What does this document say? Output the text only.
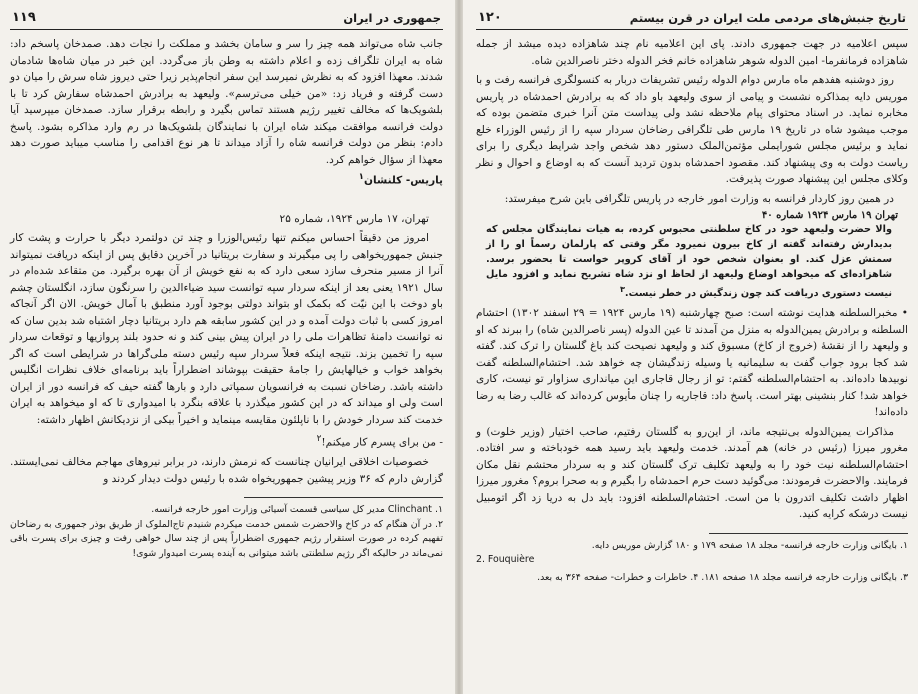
جمهوری در ایران
۱۱۹

جانب شاه می‌تواند همه چیز را سر و سامان بخشد و مملکت را نجات دهد. صمدخان پاسخم داد: شاه به ایران تلگراف زده و اعلام داشته به وطن باز می‌گردد. این خبر در میان شاه‌ها شادمان شدند. معهذا افزود که به نظرش نمیرسد این سفر انجام‌پذیر زیرا حتی دیروز شاه سرش را میان دو دست گرفته و فریاد زد: «من خیلی می‌ترسم». ولیعهد به برادرش احمدشاه سفارش کرد تا با بلشویک‌ها که مخالف تغییر رژیم هستند تماس بگیرد و رابطه برقرار سازد. صمدخان میپرسید آیا دولت فرانسه موافقت میکند شاه ایران با نمایندگان بلشویک‌ها در رم وارد مذاکره بشود. پاسخ دادم: بنظر من دولت فرانسه شاه را آزاد میداند تا هر نوع اقدامی را مناسب میباید صورت دهد معهذا از سؤال خواهم کرد.

پاریس- کلنشان$^۱$

تهران، ۱۷ مارس ۱۹۲۴، شماره ۲۵

امروز من دقیقاً احساس میکنم تنها رئیس‌الوزرا و چند تن دولتمرد دیگر با حرارت و پشت کار جنبش جمهوریخواهی را پی میگیرند و سفارت بریتانیا در آخرین دقایق پس از اینکه دریافت نمیتواند آنرا از مسیر منحرف سازد سعی دارد که به نفع خویش از آن بهره برگیرد. من متقاعد شده‌ام در سال ۱۹۲۱ یعنی بعد از اینکه سردار سپه توانست سید ضیاءالدین را سرنگون سازد، انگلستان چشم باو دوخت با این نیّت که بکمک او بتواند دولتی بوجود آورد منطبق با آمال خویش. الان اگر آنجاکه امروز کسی با ثبات دولت آمده و در این کشور سابقه هم دارد بریتانیا دچار اشتباه شد بدین سان که نه توانست دامنهٔ تظاهرات ملی را در ایران پیش بینی کند و نه حدود بلند پروازیها و توقعات سردار سپه را تخمین بزند. نتیجه اینکه فعلاً سردار سپه رئیس دسته ملی‌گراها در شرایطی است که اگر بخواهد خواب و خیالهایش را جامهٔ حقیقت بپوشاند اضطراراً باید برنامه‌ای خلاف نظرات انگلیس داشته باشد. رضاخان نسبت به فرانسویان سمپاتی دارد و بارها گفته حیف که فرانسه دور از ایران است ولی او میداند که در این کشور میگذرد با علاقه بنگرد با امیدواری تا که او میخواهد به ایران خدمت کند سردار خودش را با ناپلئون مقایسه مینماید و اخیراً بیکی از نزدیکانش اظهار داشته:

- من برای پسرم کار میکنم!$^۲$

خصوصیات اخلاقی ایرانیان چنانست که نرمش دارند، در برابر نیروهای مهاجم مخالف نمی‌ایستند. گزارش دارم که ۳۶ وزیر پیشین جمهوریخواه شده با رئیس دولت دیدار کردند و

۱. Clinchant مدیر کل سیاسی قسمت آسیائی وزارت امور خارجه فرانسه.

۲. در آن هنگام که در کاخ والاحضرت شمس خدمت میکردم شنیدم تاج‌الملوک از طریق بوذر جمهوری به رضاخان تفهیم کرده در صورت استقرار رژیم جمهوری اضطراراً پس از چند سال خواهی رفت و چیزی برای پسرت باقی نمی‌ماند در حالیکه اگر رژیم سلطنتی باشد میتوانی به آینده پسرت امیدوار شوی!

تاریخ جنبش‌های مردمی ملت ایران در قرن بیستم
۱۲۰

سپس اعلامیه در جهت جمهوری دادند. پای این اعلامیه نام چند شاهزاده دیده میشد از جمله شاهزاده فرمانفرما- امین الدوله شوهر شاهزاده خانم فخر الدوله دختر ناصرالدین شاه.

روز دوشنبه هفدهم ماه مارس دوام الدوله رئیس تشریفات دربار به کنسولگری فرانسه رفت و با موریس دایه بمذاکره نشست و پیامی از سوی ولیعهد باو داد که به برادرش احمدشاه در پاریس مخابره نماید. در اسناد محتوای پیام ملاحظه نشد ولی پیداست متن آنرا خبری متضمن بوده که موجب میشود شاه در تاریخ ۱۹ مارس طی تلگرافی رضاخان سردار سپه را از رئیس الوزراء خلع نماید و برئیس مجلس شورایملی مؤتمن‌الملک دستور دهد شخص واجد شرایط دیگری را برای ریاست دولت به وی پیشنهاد کند. مقصود احمدشاه بدون تردید آنست که به اوضاع و احوال و نظر وکلای مجلس این پیشنهاد صورت پذیرفت.

در همین روز کاردار فرانسه به وزارت امور خارجه در پاریس تلگرافی باین شرح میفرستد:

تهران ۱۹ مارس ۱۹۲۴ شماره ۴۰

والا حضرت ولیعهد خود در کاخ سلطنتی محبوس کرده، به هیات نمایندگان مجلس که بدیدارش رفته‌اند گفته از کاخ بیرون نمیرود مگر وقتی که پارلمان رسماً او را از سمتش عزل کند. او بعنوان شخص خود از آقای کروپر خواست تا بحضور برسد. شاهزاده‌ای که میخواهد اوضاع ولیعهد از لحاظ او نزد شاه تشریح نماید و افزود مایل نیست دستوری دریافت کند چون زندگیش در خطر نیست.$^۳$

• مخبرالسلطنه هدایت نوشته است: صبح چهارشنبه (۱۹ مارس ۱۹۲۴ = ۲۹ اسفند ۱۳۰۲) احتشام السلطنه و برادرش یمین‌الدوله به منزل من آمدند تا عین الدوله (پسر ناصرالدین شاه) را ببرند که او و ولیعهد را از نقشهٔ (خروج از کاخ) مسبوق کند و ولیعهد نصیحت کند باغ گلستان را ترک کند. گفته شد کجا برود جواب گفت به سلیمانیه یا وسیله زندگیشان چه خواهد شد. احتشام‌السلطنه گفت نوبیدها داده‌اند. به احتشام‌السلطنه گفتم: تو از رجال قاجاری این میانداری سزاوار تو نیست، کاری خواهد شد! کنار بنشینی بهتر است. پاسخ داد: قاجاریه را چنان مأیوس کرده‌اند که غالب رضا به رضا داده‌اند!

مذاکرات یمین‌الدوله بی‌نتیجه ماند، از این‌رو به گلستان رفتیم، صاحب اختیار (وزیر خلوت) و مغرور میرزا (رئیس در خانه) هم آمدند. خدمت ولیعهد باید رسید همه خودباخته و سر افتاده. احتشام‌السلطنه نیت خود را به ولیعهد تکلیف ترک گلستان کند و به سردار محتشم نقل مکان فرمایند. والاحضرت فرمودند: می‌گوئید دست حرم احمدشاه را بگیرم و به صحرا بروم؟ مغرور میرزا اظهار داشت تکلیف اتدرون با من است. احتشام‌السلطنه افزود: باید دل به دریا زد اگر اتومبیل نیست درشکه کرایه کنید.

۱. بایگانی وزارت خارجه فرانسه- مجلد ۱۸ صفحه ۱۷۹ و ۱۸۰ گزارش موریس دایه.

2. Fouquière

۳. بایگانی وزارت خارجه فرانسه مجلد ۱۸ صفحه ۱۸۱. ۴. خاطرات و خطرات- صفحه ۳۶۴ به بعد.
